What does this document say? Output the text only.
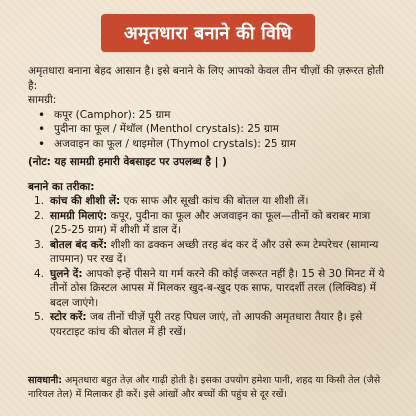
अमृतधारा बनाने की विधि

अमृतधारा बनाना बेहद आसान है। इसे बनाने के लिए आपको केवल तीन चीज़ों की ज़रूरत होती है:

सामग्री:

• कपूर (Camphor): 25 ग्राम
• पुदीना का फूल / मेंथॉल (Menthol crystals): 25 ग्राम
• अजवाइन का फूल / थाइमोल (Thymol crystals): 25 ग्राम

(नोट: यह सामग्री हमारी वेबसाइट पर उपलब्ध है | )

बनाने का तरीका:

1. कांच की शीशी लें: एक साफ और सूखी कांच की बोतल या शीशी लें।
2. सामग्री मिलाएं: कपूर, पुदीना का फूल और अजवाइन का फूल—तीनों को बराबर मात्रा (25-25 ग्राम) में शीशी में डाल दें।
3. बोतल बंद करें: शीशी का ढक्कन अच्छी तरह बंद कर दें और उसे रूम टेम्परेचर (सामान्य तापमान) पर रख दें।
4. घुलने दें: आपको इन्हें पीसने या गर्म करने की कोई जरूरत नहीं है। 15 से 30 मिनट में ये तीनों ठोस क्रिस्टल आपस में मिलकर खुद-ब-खुद एक साफ, पारदर्शी तरल (लिक्विड) में बदल जाएंगे।
5. स्टोर करें: जब तीनों चीज़ें पूरी तरह पिघल जाएं, तो आपकी अमृतधारा तैयार है। इसे एयरटाइट कांच की बोतल में ही रखें।

सावधानी: अमृतधारा बहुत तेज़ और गाढ़ी होती है। इसका उपयोग हमेशा पानी, शहद या किसी तेल (जैसे नारियल तेल) में मिलाकर ही करें। इसे आंखों और बच्चों की पहुंच से दूर रखें।
